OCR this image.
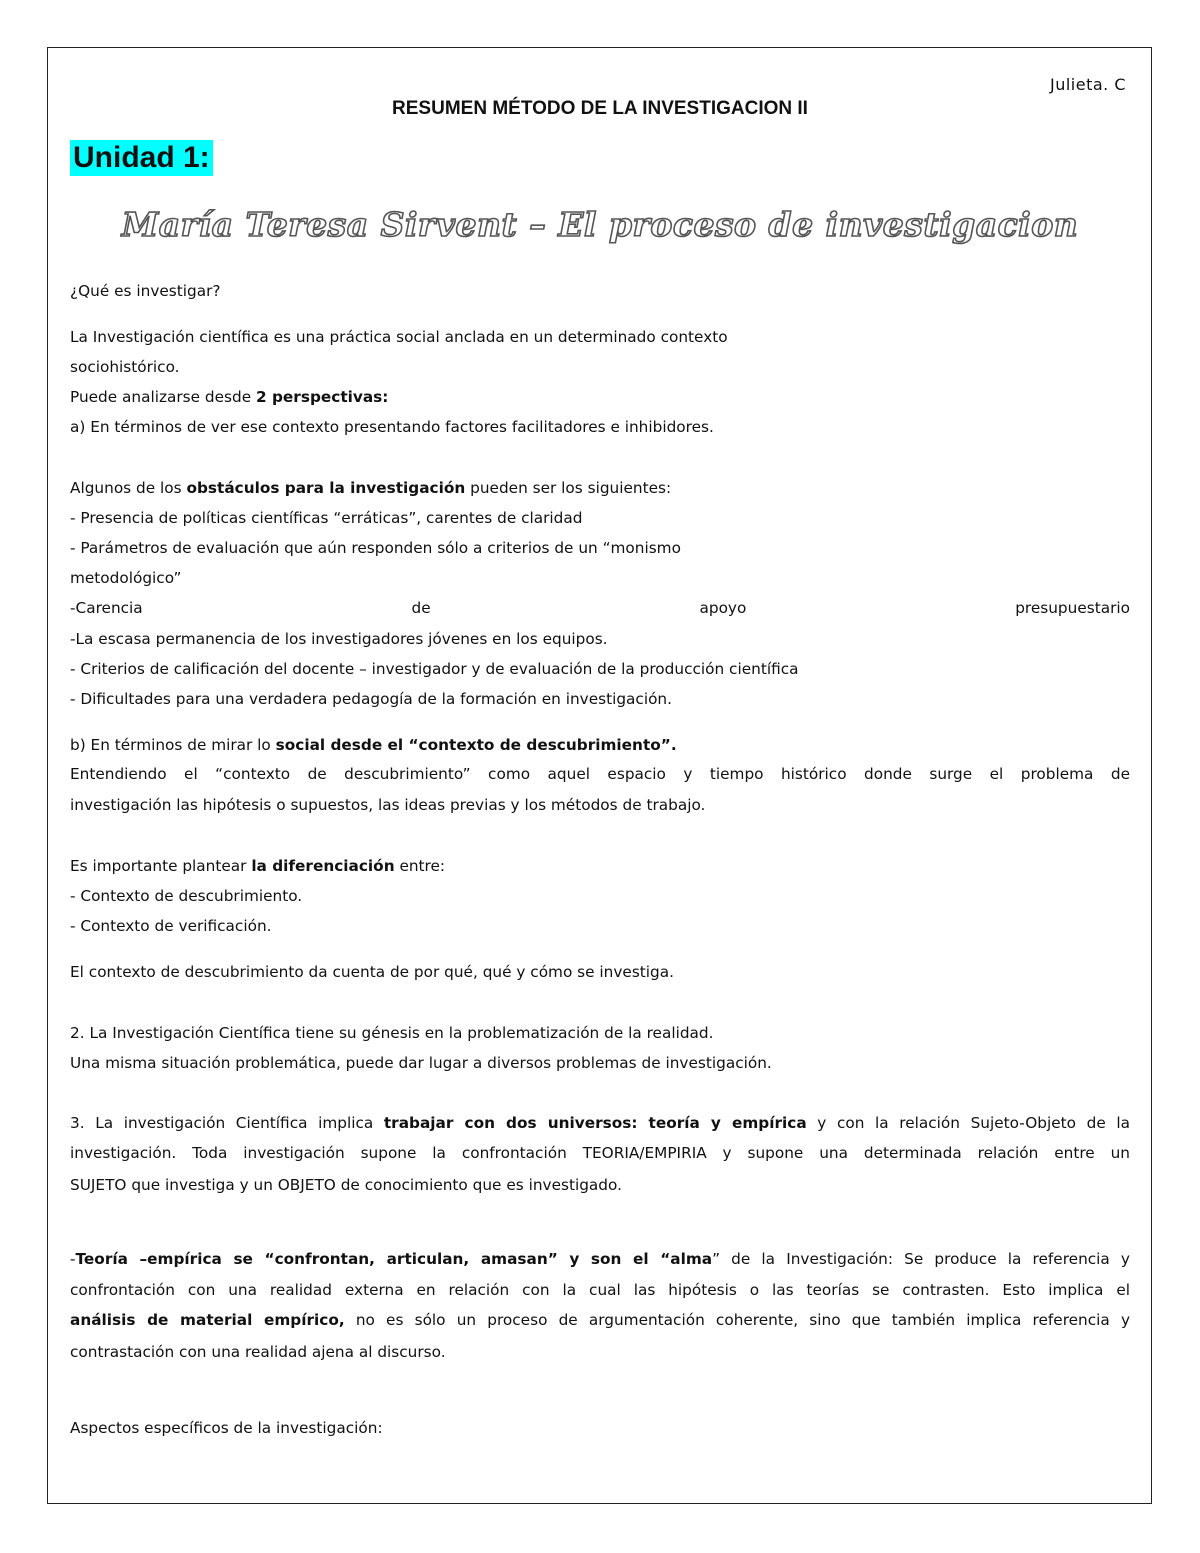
Julieta. C
RESUMEN MÉTODO DE LA INVESTIGACION II
Unidad 1:
María Teresa Sirvent – El proceso de investigacion
¿Qué es investigar?
La Investigación científica es una práctica social anclada en un determinado contexto
sociohistórico.
Puede analizarse desde 2 perspectivas:
a) En términos de ver ese contexto presentando factores facilitadores e inhibidores.
Algunos de los obstáculos para la investigación pueden ser los siguientes:
- Presencia de políticas científicas “erráticas”, carentes de claridad
- Parámetros de evaluación que aún responden sólo a criterios de un “monismo
metodológico”
-Carencia	de	apoyo	presupuestario
-La escasa permanencia de los investigadores jóvenes en los equipos.
- Criterios de calificación del docente – investigador y de evaluación de la producción científica
- Dificultades para una verdadera pedagogía de la formación en investigación.
b) En términos de mirar lo social desde el “contexto de descubrimiento”.
Entendiendo el “contexto de descubrimiento” como aquel espacio y tiempo histórico donde surge el problema de
investigación las hipótesis o supuestos, las ideas previas y los métodos de trabajo.
Es importante plantear la diferenciación entre:
- Contexto de descubrimiento.
- Contexto de verificación.
El contexto de descubrimiento da cuenta de por qué, qué y cómo se investiga.
2. La Investigación Científica tiene su génesis en la problematización de la realidad.
Una misma situación problemática, puede dar lugar a diversos problemas de investigación.
3. La investigación Científica implica trabajar con dos universos: teoría y empírica y con la relación Sujeto-Objeto de la
investigación. Toda investigación supone la confrontación TEORIA/EMPIRIA y supone una determinada relación entre un
SUJETO que investiga y un OBJETO de conocimiento que es investigado.
-Teoría –empírica se “confrontan, articulan, amasan” y son el “alma” de la Investigación: Se produce la referencia y
confrontación con una realidad externa en relación con la cual las hipótesis o las teorías se contrasten. Esto implica el
análisis de material empírico, no es sólo un proceso de argumentación coherente, sino que también implica referencia y
contrastación con una realidad ajena al discurso.
Aspectos específicos de la investigación:
